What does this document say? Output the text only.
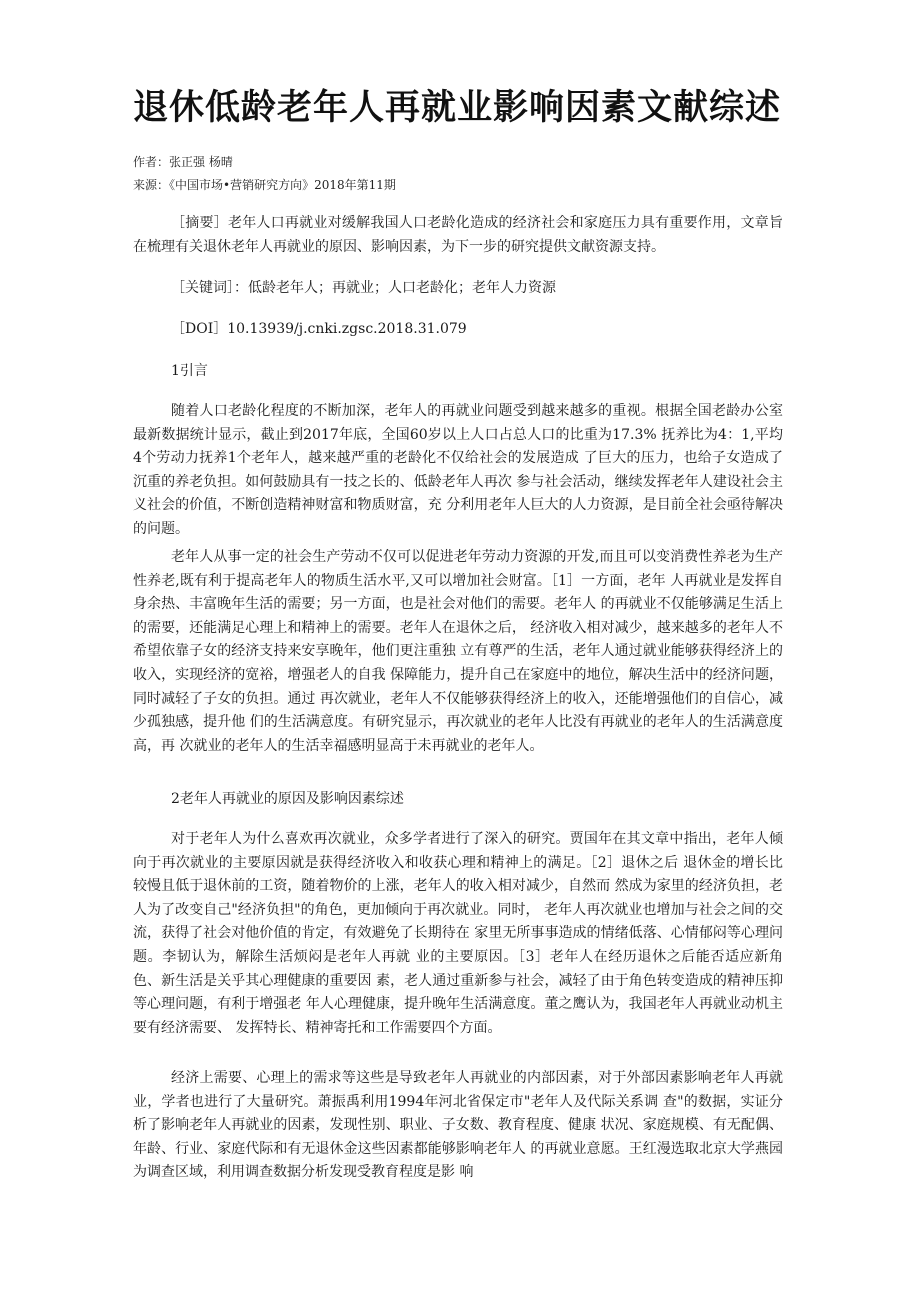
退休低龄老年人再就业影响因素文献综述
作者：张正强 杨晴
来源：《中国市场•营销研究方向》2018年第11期

［摘要］老年人口再就业对缓解我国人口老龄化造成的经济社会和家庭压力具有重要作用，文章旨在梳理有关退休老年人再就业的原因、影响因素，为下一步的研究提供文献资源支持。

［关键词］：低龄老年人；再就业；人口老龄化；老年人力资源

［DOI］10.13939/j.cnki.zgsc.2018.31.079

1引言

随着人口老龄化程度的不断加深，老年人的再就业问题受到越来越多的重视。根据全国老龄办公室最新数据统计显示，截止到2017年底，全国60岁以上人口占总人口的比重为17.3% 抚养比为4：1,平均4个劳动力抚养1个老年人，越来越严重的老龄化不仅给社会的发展造成 了巨大的压力，也给子女造成了沉重的养老负担。如何鼓励具有一技之长的、低龄老年人再次 参与社会活动，继续发挥老年人建设社会主义社会的价值，不断创造精神财富和物质财富，充 分利用老年人巨大的人力资源，是目前全社会亟待解决的问题。

老年人从事一定的社会生产劳动不仅可以促进老年劳动力资源的开发,而且可以变消费性养老为生产性养老,既有利于提高老年人的物质生活水平,又可以增加社会财富。［1］一方面，老年 人再就业是发挥自身余热、丰富晚年生活的需要；另一方面，也是社会对他们的需要。老年人 的再就业不仅能够满足生活上的需要，还能满足心理上和精神上的需要。老年人在退休之后， 经济收入相对减少，越来越多的老年人不希望依靠子女的经济支持来安享晚年，他们更注重独 立有尊严的生活，老年人通过就业能够获得经济上的收入，实现经济的宽裕，增强老人的自我 保障能力，提升自己在家庭中的地位，解决生活中的经济问题，同时减轻了子女的负担。通过 再次就业，老年人不仅能够获得经济上的收入，还能增强他们的自信心，减少孤独感，提升他 们的生活满意度。有研究显示，再次就业的老年人比没有再就业的老年人的生活满意度高，再 次就业的老年人的生活幸福感明显高于未再就业的老年人。

2老年人再就业的原因及影响因素综述

对于老年人为什么喜欢再次就业，众多学者进行了深入的研究。贾国年在其文章中指出，老年人倾向于再次就业的主要原因就是获得经济收入和收获心理和精神上的满足。［2］退休之后 退休金的增长比较慢且低于退休前的工资，随着物价的上涨，老年人的收入相对减少，自然而 然成为家里的经济负担，老人为了改变自己"经济负担"的角色，更加倾向于再次就业。同时， 老年人再次就业也增加与社会之间的交流，获得了社会对他价值的肯定，有效避免了长期待在 家里无所事事造成的情绪低落、心情郁闷等心理问题。李韧认为，解除生活烦闷是老年人再就 业的主要原因。［3］老年人在经历退休之后能否适应新角色、新生活是关乎其心理健康的重要因 素，老人通过重新参与社会，减轻了由于角色转变造成的精神压抑等心理问题，有利于增强老 年人心理健康，提升晚年生活满意度。董之鹰认为，我国老年人再就业动机主要有经济需要、 发挥特长、精神寄托和工作需要四个方面。

经济上需要、心理上的需求等这些是导致老年人再就业的内部因素，对于外部因素影响老年人再就业，学者也进行了大量研究。萧振禹利用1994年河北省保定市"老年人及代际关系调 查"的数据，实证分析了影响老年人再就业的因素，发现性别、职业、子女数、教育程度、健康 状况、家庭规模、有无配偶、年龄、行业、家庭代际和有无退休金这些因素都能够影响老年人 的再就业意愿。王红漫选取北京大学燕园为调查区域，利用调查数据分析发现受教育程度是影 响
